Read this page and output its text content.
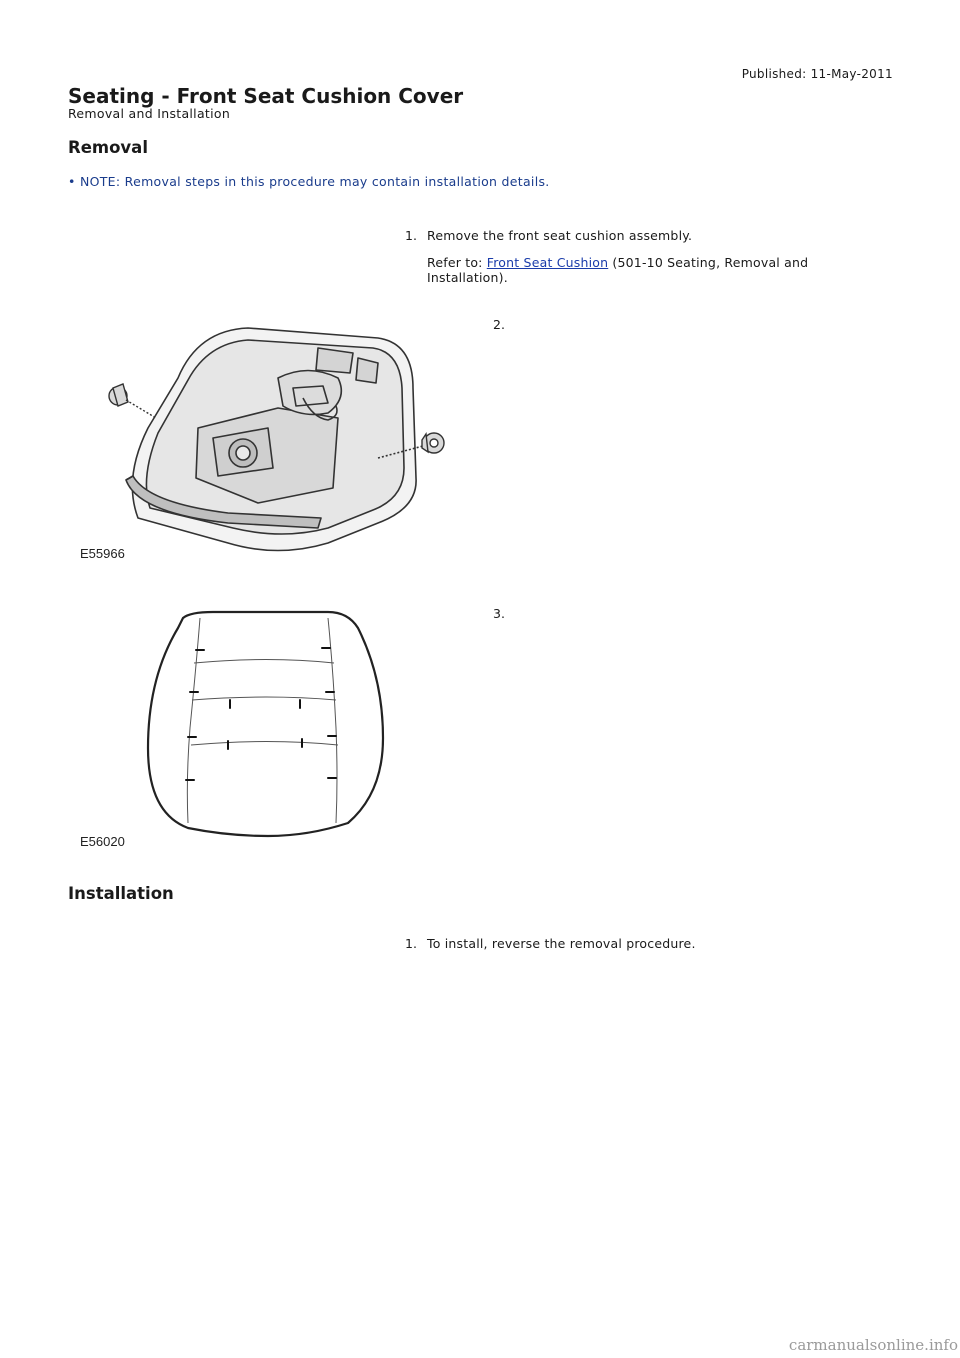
Published: 11-May-2011
Seating - Front Seat Cushion Cover
Removal and Installation
Removal
• NOTE: Removal steps in this procedure may contain installation details.
1. Remove the front seat cushion assembly.
Refer to: Front Seat Cushion (501-10 Seating, Removal and Installation).
2.
E55966
3.
E56020
Installation
1. To install, reverse the removal procedure.
carmanualsonline.info
